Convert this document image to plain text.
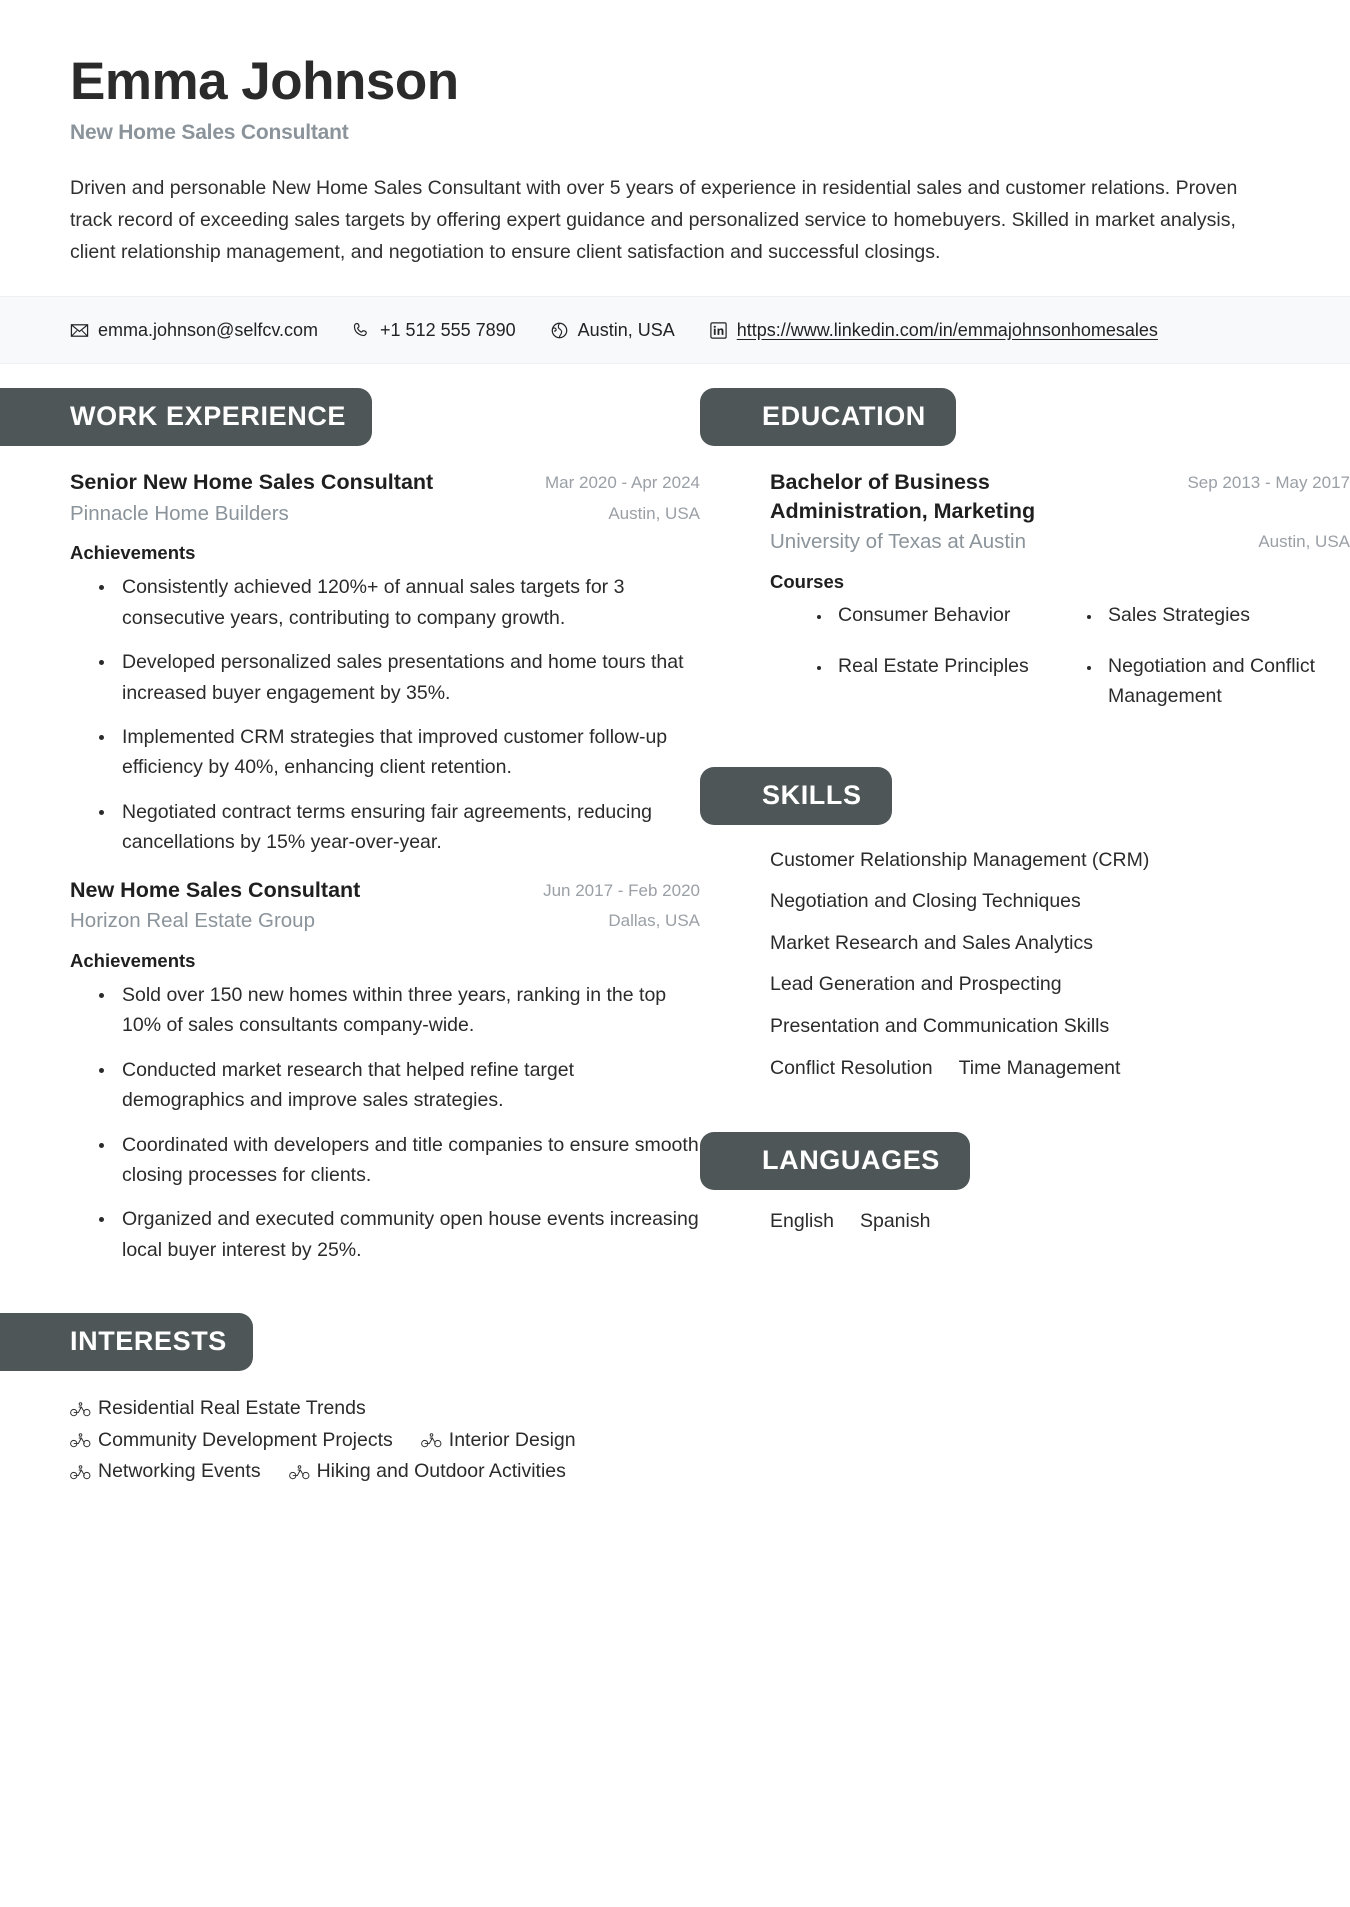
Emma Johnson
New Home Sales Consultant
Driven and personable New Home Sales Consultant with over 5 years of experience in residential sales and customer relations. Proven track record of exceeding sales targets by offering expert guidance and personalized service to homebuyers. Skilled in market analysis, client relationship management, and negotiation to ensure client satisfaction and successful closings.
emma.johnson@selfcv.com	+1 512 555 7890	Austin, USA	https://www.linkedin.com/in/emmajohnsonhomesales
WORK EXPERIENCE
Senior New Home Sales Consultant	Mar 2020 - Apr 2024
Pinnacle Home Builders	Austin, USA
Achievements
• Consistently achieved 120%+ of annual sales targets for 3 consecutive years, contributing to company growth.
• Developed personalized sales presentations and home tours that increased buyer engagement by 35%.
• Implemented CRM strategies that improved customer follow-up efficiency by 40%, enhancing client retention.
• Negotiated contract terms ensuring fair agreements, reducing cancellations by 15% year-over-year.
New Home Sales Consultant	Jun 2017 - Feb 2020
Horizon Real Estate Group	Dallas, USA
Achievements
• Sold over 150 new homes within three years, ranking in the top 10% of sales consultants company-wide.
• Conducted market research that helped refine target demographics and improve sales strategies.
• Coordinated with developers and title companies to ensure smooth closing processes for clients.
• Organized and executed community open house events increasing local buyer interest by 25%.
INTERESTS
Residential Real Estate Trends
Community Development Projects	Interior Design
Networking Events	Hiking and Outdoor Activities
EDUCATION
Bachelor of Business Administration, Marketing
Sep 2013 - May 2017
University of Texas at Austin	Austin, USA
Courses
• Consumer Behavior
• Real Estate Principles
• Sales Strategies
• Negotiation and Conflict Management
SKILLS
Customer Relationship Management (CRM)
Negotiation and Closing Techniques
Market Research and Sales Analytics
Lead Generation and Prospecting
Presentation and Communication Skills
Conflict Resolution Time Management
LANGUAGES
English Spanish
